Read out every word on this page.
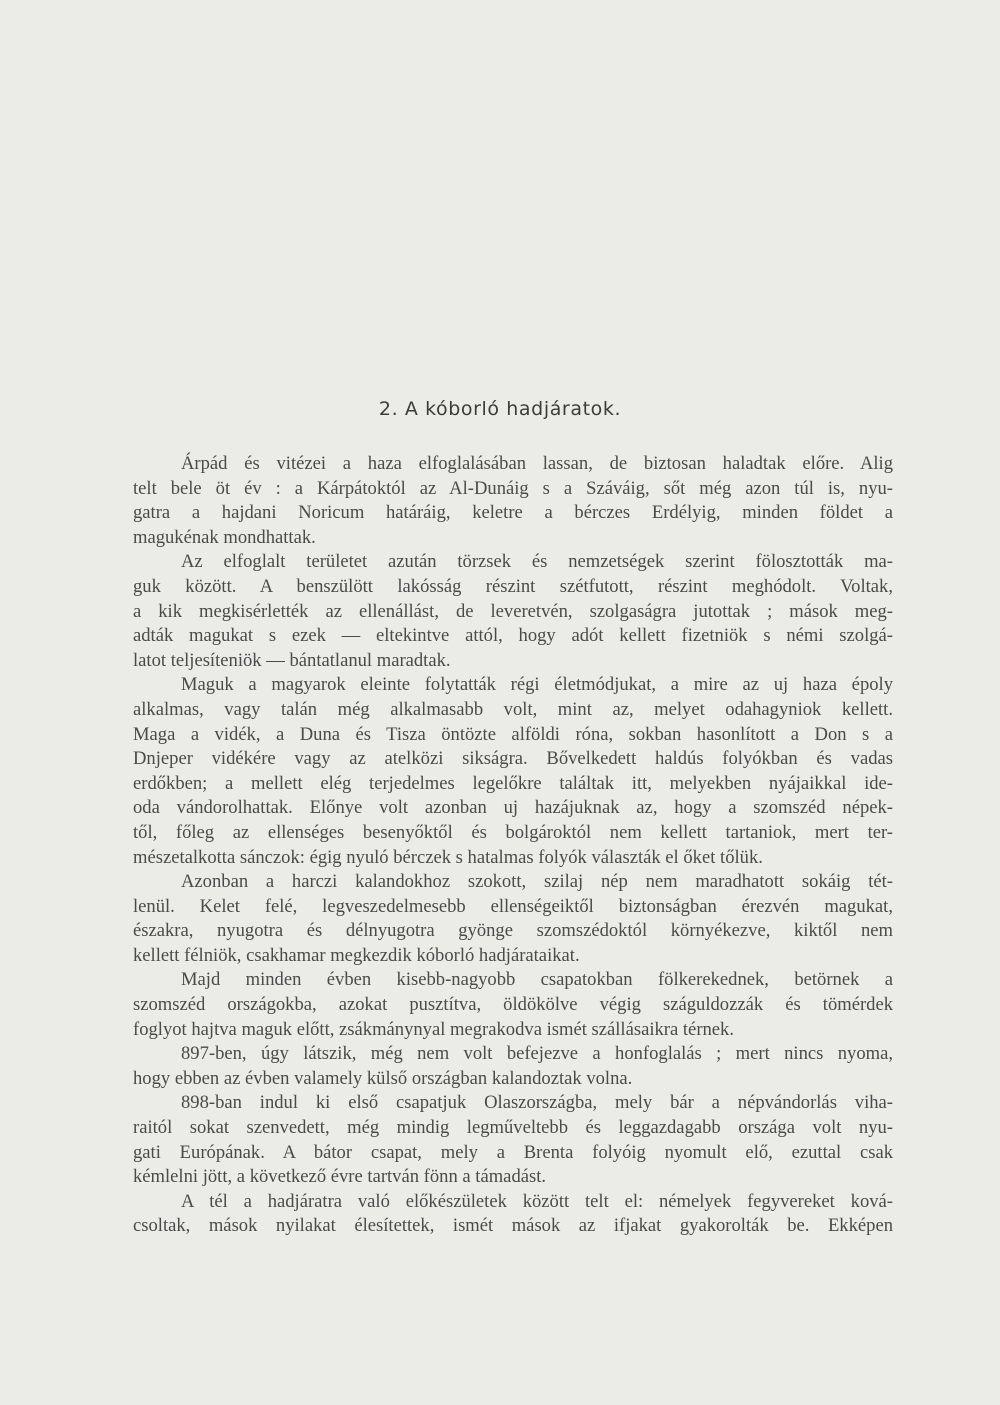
2. A kóborló hadjáratok.
Árpád és vitézei a haza elfoglalásában lassan, de biztosan haladtak előre. Alig
telt bele öt év : a Kárpátoktól az Al-Dunáig s a Száváig, sőt még azon túl is, nyu-
gatra a hajdani Noricum határáig, keletre a bérczes Erdélyig, minden földet a
magukénak mondhattak.
Az elfoglalt területet azután törzsek és nemzetségek szerint fölosztották ma-
guk között. A benszülött lakósság részint szétfutott, részint meghódolt. Voltak,
a kik megkisérlették az ellenállást, de leveretvén, szolgaságra jutottak ; mások meg-
adták magukat s ezek — eltekintve attól, hogy adót kellett fizetniök s némi szolgá-
latot teljesíteniök — bántatlanul maradtak.
Maguk a magyarok eleinte folytatták régi életmódjukat, a mire az uj haza époly
alkalmas, vagy talán még alkalmasabb volt, mint az, melyet odahagyniok kellett.
Maga a vidék, a Duna és Tisza öntözte alföldi róna, sokban hasonlított a Don s a
Dnjeper vidékére vagy az atelközi sikságra. Bővelkedett haldús folyókban és vadas
erdőkben; a mellett elég terjedelmes legelőkre találtak itt, melyekben nyájaikkal ide-
oda vándorolhattak. Előnye volt azonban uj hazájuknak az, hogy a szomszéd népek-
től, főleg az ellenséges besenyőktől és bolgároktól nem kellett tartaniok, mert ter-
mészetalkotta sánczok: égig nyuló bérczek s hatalmas folyók választák el őket tőlük.
Azonban a harczi kalandokhoz szokott, szilaj nép nem maradhatott sokáig tét-
lenül. Kelet felé, legveszedelmesebb ellenségeiktől biztonságban érezvén magukat,
északra, nyugotra és délnyugotra gyönge szomszédoktól környékezve, kiktől nem
kellett félniök, csakhamar megkezdik kóborló hadjárataikat.
Majd minden évben kisebb-nagyobb csapatokban fölkerekednek, betörnek a
szomszéd országokba, azokat pusztítva, öldökölve végig száguldozzák és tömérdek
foglyot hajtva maguk előtt, zsákmánynyal megrakodva ismét szállásaikra térnek.
897-ben, úgy látszik, még nem volt befejezve a honfoglalás ; mert nincs nyoma,
hogy ebben az évben valamely külső országban kalandoztak volna.
898-ban indul ki első csapatjuk Olaszországba, mely bár a népvándorlás viha-
raitól sokat szenvedett, még mindig legműveltebb és leggazdagabb országa volt nyu-
gati Európának. A bátor csapat, mely a Brenta folyóig nyomult elő, ezuttal csak
kémlelni jött, a következő évre tartván fönn a támadást.
A tél a hadjáratra való előkészületek között telt el: némelyek fegyvereket ková-
csoltak, mások nyilakat élesítettek, ismét mások az ifjakat gyakorolták be. Ekképen
